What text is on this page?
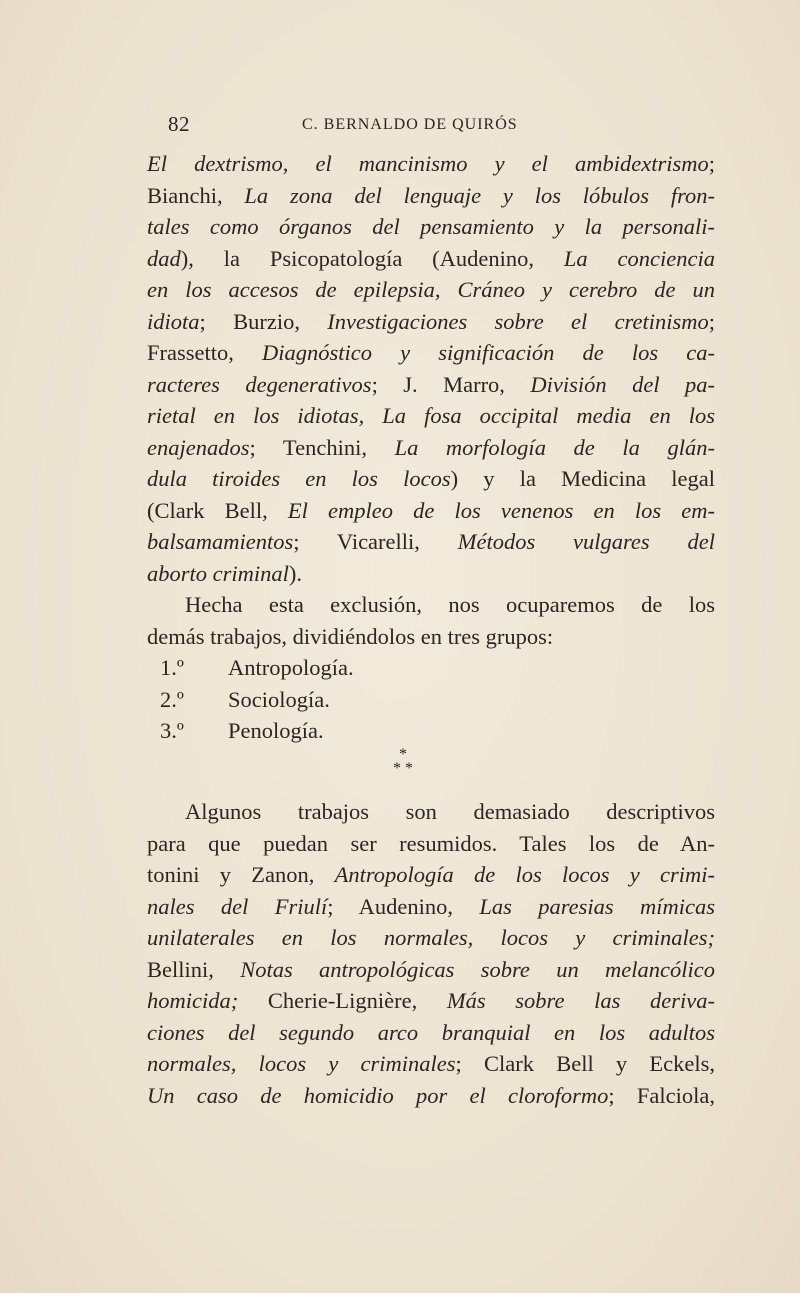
82	C. BERNALDO DE QUIRÓS
El dextrismo, el mancinismo y el ambidextrismo;
Bianchi, La zona del lenguaje y los lóbulos fron-
tales como órganos del pensamiento y la personali-
dad), la Psicopatología (Audenino, La conciencia
en los accesos de epilepsia, Cráneo y cerebro de un
idiota; Burzio, Investigaciones sobre el cretinismo;
Frassetto, Diagnóstico y significación de los ca-
racteres degenerativos; J. Marro, División del pa-
rietal en los idiotas, La fosa occipital media en los
enajenados; Tenchini, La morfología de la glán-
dula tiroides en los locos) y la Medicina legal
(Clark Bell, El empleo de los venenos en los em-
balsamamientos; Vicarelli, Métodos vulgares del
aborto criminal).
Hecha esta exclusión, nos ocuparemos de los
demás trabajos, dividiéndolos en tres grupos:
1.º Antropología.
2.º Sociología.
3.º Penología.
*
* *
Algunos trabajos son demasiado descriptivos
para que puedan ser resumidos. Tales los de An-
tonini y Zanon, Antropología de los locos y crimi-
nales del Friulí; Audenino, Las paresias mímicas
unilaterales en los normales, locos y criminales;
Bellini, Notas antropológicas sobre un melancólico
homicida; Cherie-Lignière, Más sobre las deriva-
ciones del segundo arco branquial en los adultos
normales, locos y criminales; Clark Bell y Eckels,
Un caso de homicidio por el cloroformo; Falciola,
